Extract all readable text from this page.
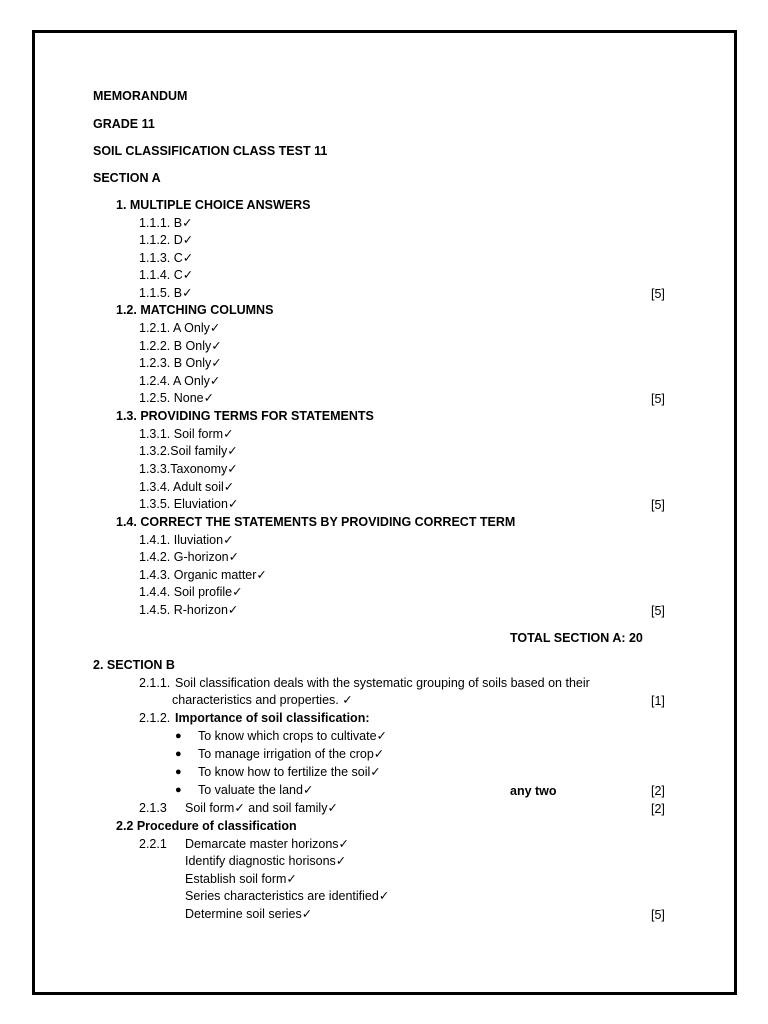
MEMORANDUM
GRADE 11
SOIL CLASSIFICATION CLASS TEST 11
SECTION A
1. MULTIPLE CHOICE ANSWERS
1.1.1. B✓
1.1.2. D✓
1.1.3. C✓
1.1.4. C✓
1.1.5. B✓	[5]
1.2. MATCHING COLUMNS
1.2.1. A Only✓
1.2.2. B Only✓
1.2.3. B Only✓
1.2.4. A Only✓
1.2.5. None✓	[5]
1.3. PROVIDING TERMS FOR STATEMENTS
1.3.1. Soil form✓
1.3.2.Soil family✓
1.3.3.Taxonomy✓
1.3.4. Adult soil✓
1.3.5. Eluviation✓	[5]
1.4. CORRECT THE STATEMENTS BY PROVIDING CORRECT TERM
1.4.1. Iluviation✓
1.4.2. G-horizon✓
1.4.3. Organic matter✓
1.4.4. Soil profile✓
1.4.5. R-horizon✓	[5]
TOTAL SECTION A: 20
2. SECTION B
2.1.1. Soil classification deals with the systematic grouping of soils based on their
characteristics and properties. ✓	[1]
2.1.2. Importance of soil classification:
● To know which crops to cultivate✓
● To manage irrigation of the crop✓
● To know how to fertilize the soil✓
● To valuate the land✓	any two	[2]
2.1.3 Soil form✓ and soil family✓	[2]
2.2 Procedure of classification
2.2.1 Demarcate master horizons✓
Identify diagnostic horisons✓
Establish soil form✓
Series characteristics are identified✓
Determine soil series✓	[5]
